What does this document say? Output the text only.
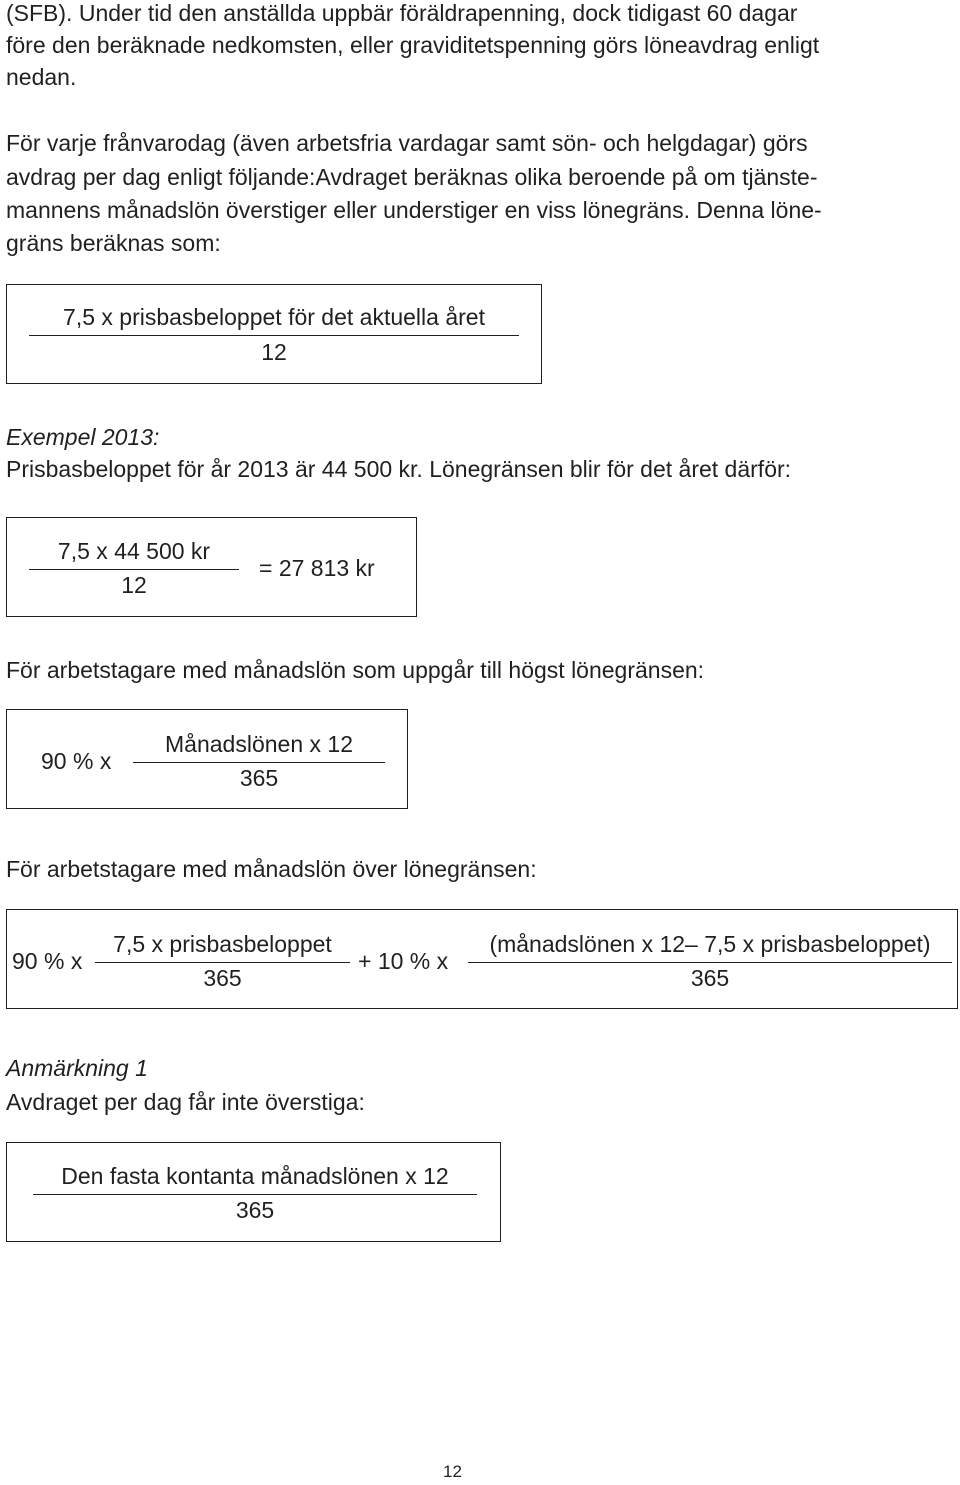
(SFB). Under tid den anställda uppbär föräldrapenning, dock tidigast 60 dagar

före den beräknade nedkomsten, eller graviditetspenning görs löneavdrag enligt

nedan.

För varje frånvarodag (även arbetsfria vardagar samt sön- och helgdagar) görs

avdrag per dag enligt följande:Avdraget beräknas olika beroende på om tjänste-

mannens månadslön överstiger eller understiger en viss lönegräns. Denna löne-

gräns beräknas som:

7,5 x prisbasbeloppet för det aktuella året
12

Exempel 2013:

Prisbasbeloppet för år 2013 är 44 500 kr. Lönegränsen blir för det året därför:

7,5 x 44 500 kr
12
= 27 813 kr

För arbetstagare med månadslön som uppgår till högst lönegränsen:

90 % x
Månadslönen x 12
365

För arbetstagare med månadslön över lönegränsen:

90 % x
7,5 x prisbasbeloppet
365
+ 10 % x
(månadslönen x 12– 7,5 x prisbasbeloppet)
365

Anmärkning 1

Avdraget per dag får inte överstiga:

Den fasta kontanta månadslönen x 12
365
12
